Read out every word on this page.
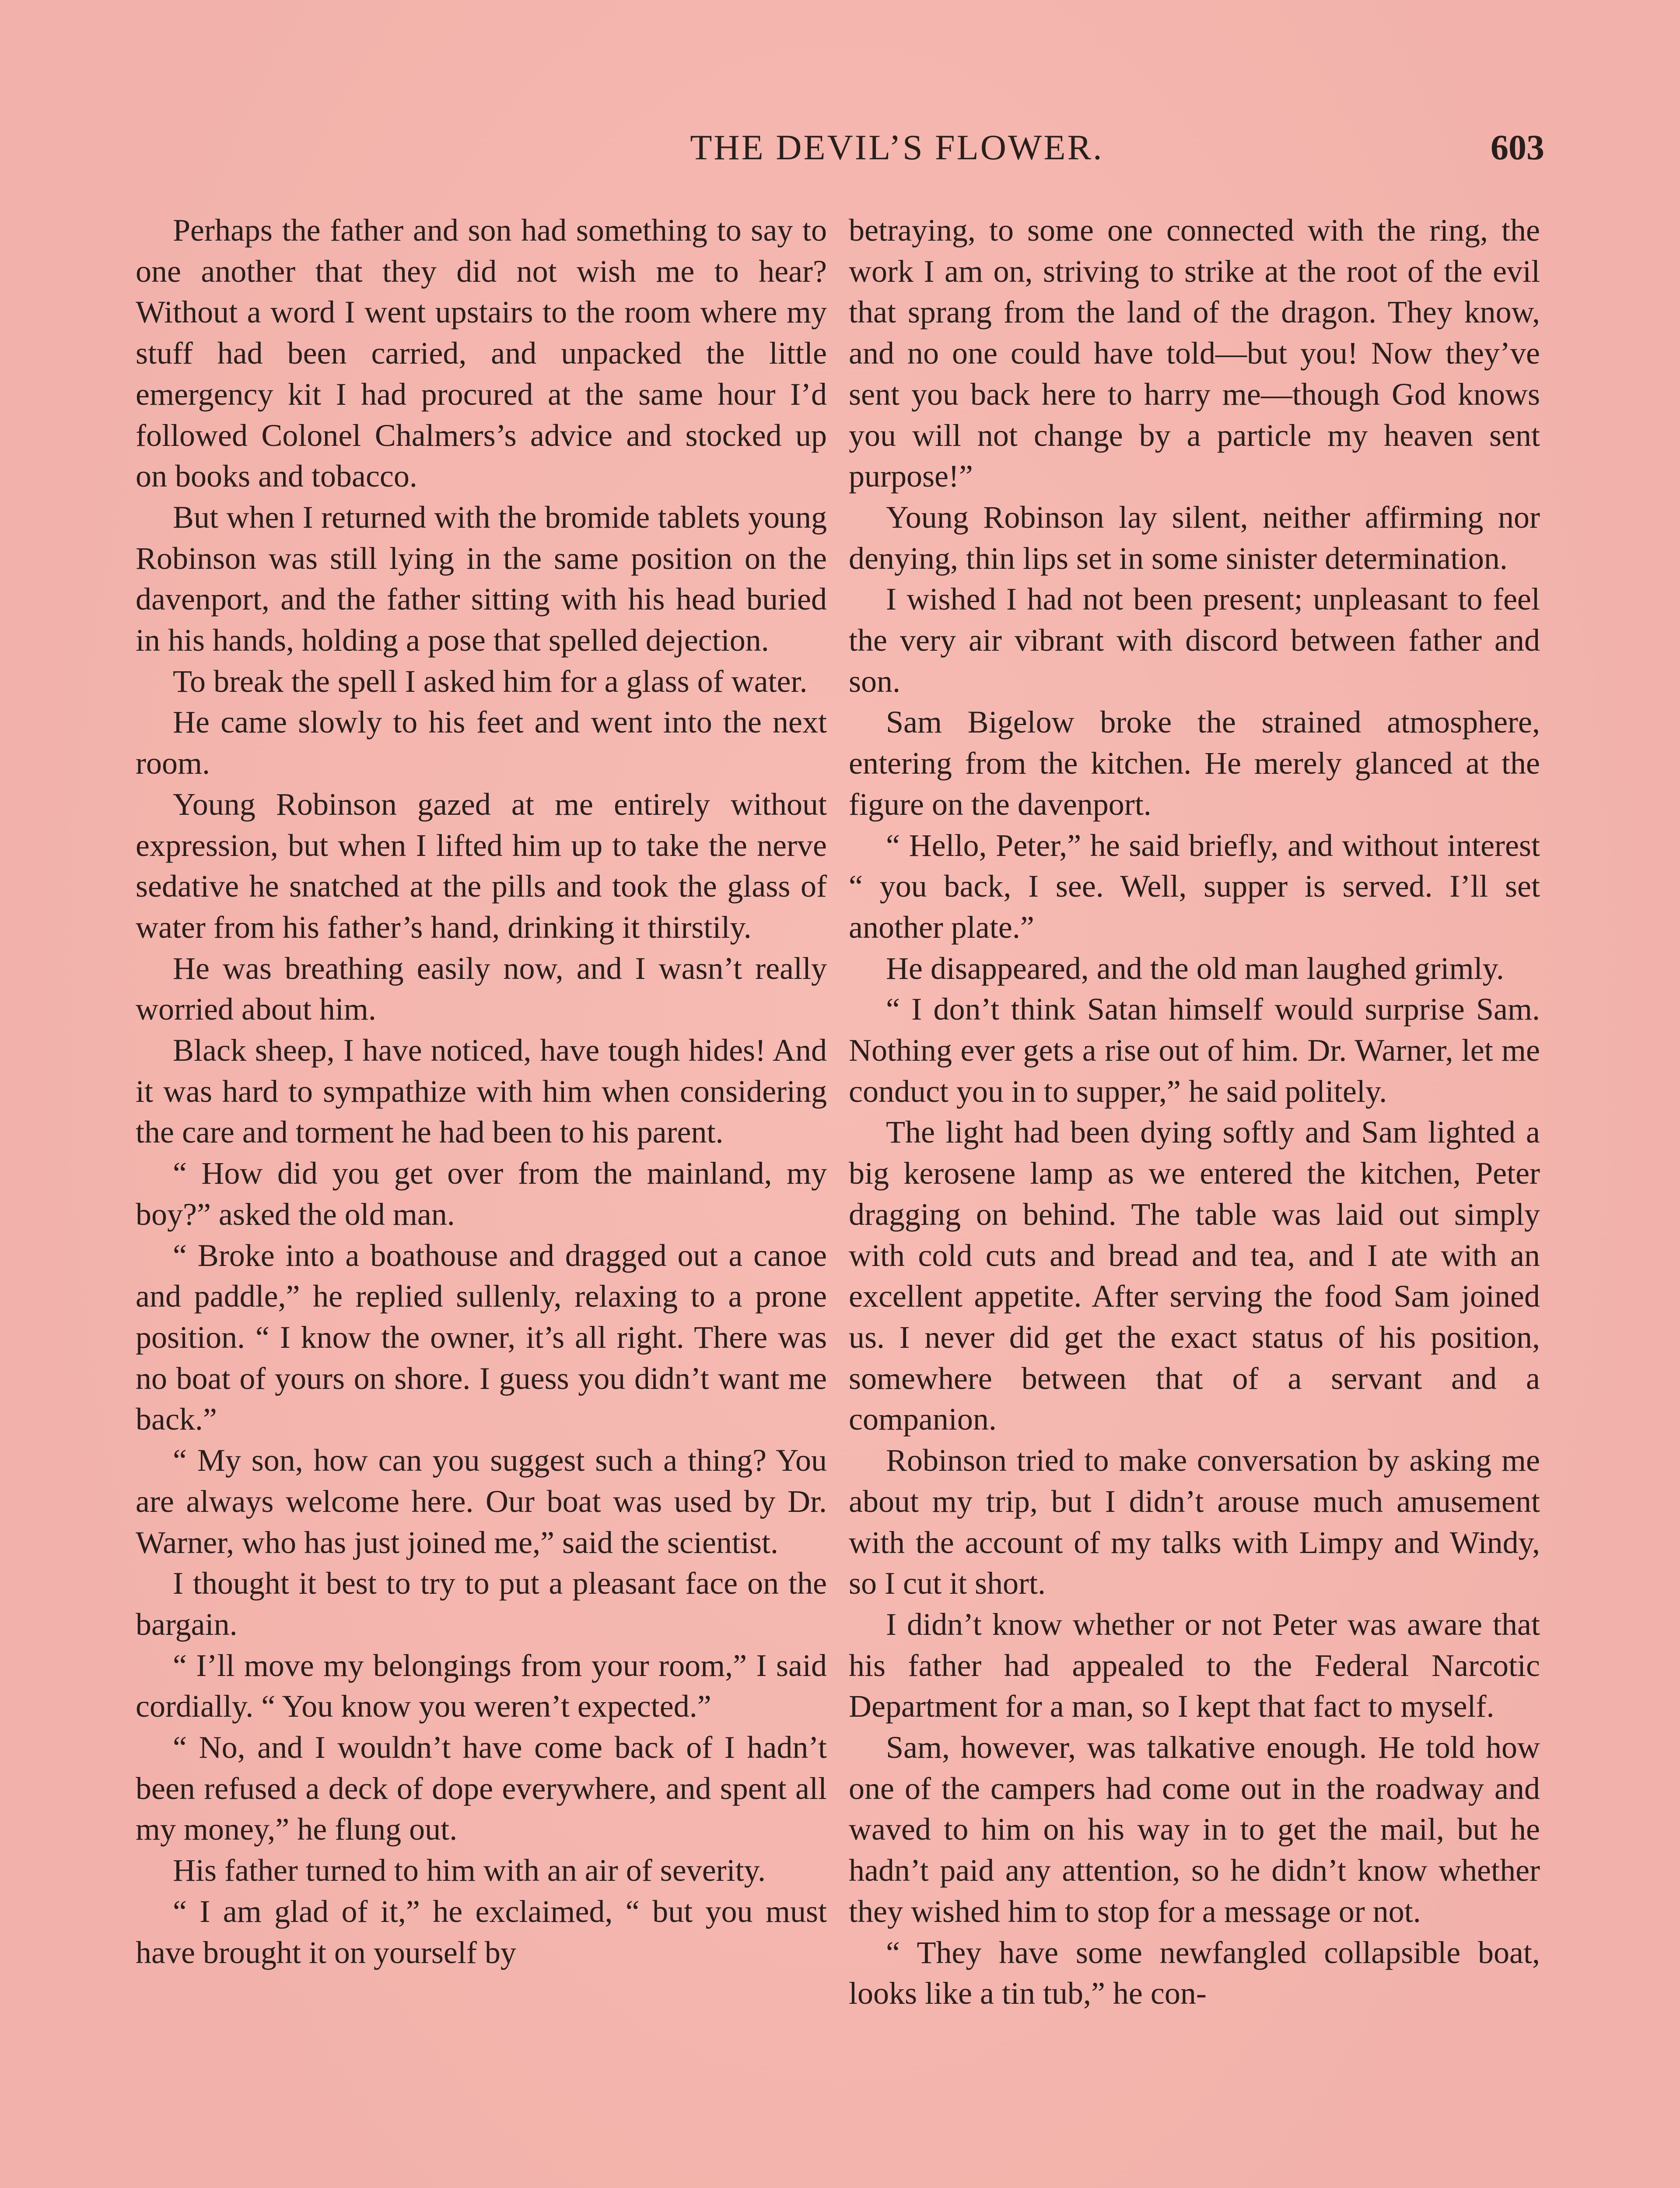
THE DEVIL’S FLOWER.	603

Perhaps the father and son had something to say to one another that they did not wish me to hear? Without a word I went upstairs to the room where my stuff had been carried, and unpacked the little emergency kit I had procured at the same hour I’d followed Colonel Chalmers’s advice and stocked up on books and tobacco.

But when I returned with the bromide tablets young Robinson was still lying in the same position on the davenport, and the father sitting with his head buried in his hands, holding a pose that spelled dejection.

To break the spell I asked him for a glass of water.

He came slowly to his feet and went into the next room.

Young Robinson gazed at me entirely without expression, but when I lifted him up to take the nerve sedative he snatched at the pills and took the glass of water from his father’s hand, drinking it thirstily.

He was breathing easily now, and I wasn’t really worried about him.

Black sheep, I have noticed, have tough hides! And it was hard to sympathize with him when considering the care and torment he had been to his parent.

“ How did you get over from the mainland, my boy?” asked the old man.

“ Broke into a boathouse and dragged out a canoe and paddle,” he replied sullenly, relaxing to a prone position. “ I know the owner, it’s all right. There was no boat of yours on shore. I guess you didn’t want me back.”

“ My son, how can you suggest such a thing? You are always welcome here. Our boat was used by Dr. Warner, who has just joined me,” said the scientist.

I thought it best to try to put a pleasant face on the bargain.

“ I’ll move my belongings from your room,” I said cordially. “ You know you weren’t expected.”

“ No, and I wouldn’t have come back of I hadn’t been refused a deck of dope everywhere, and spent all my money,” he flung out.

His father turned to him with an air of severity.

“ I am glad of it,” he exclaimed, “ but you must have brought it on yourself by

betraying, to some one connected with the ring, the work I am on, striving to strike at the root of the evil that sprang from the land of the dragon. They know, and no one could have told—but you! Now they’ve sent you back here to harry me—though God knows you will not change by a particle my heaven sent purpose!”

Young Robinson lay silent, neither affirming nor denying, thin lips set in some sinister determination.

I wished I had not been present; unpleasant to feel the very air vibrant with discord between father and son.

Sam Bigelow broke the strained atmosphere, entering from the kitchen. He merely glanced at the figure on the davenport.

“ Hello, Peter,” he said briefly, and without interest “ you back, I see. Well, supper is served. I’ll set another plate.”

He disappeared, and the old man laughed grimly.

“ I don’t think Satan himself would surprise Sam. Nothing ever gets a rise out of him. Dr. Warner, let me conduct you in to supper,” he said politely.

The light had been dying softly and Sam lighted a big kerosene lamp as we entered the kitchen, Peter dragging on behind. The table was laid out simply with cold cuts and bread and tea, and I ate with an excellent appetite. After serving the food Sam joined us. I never did get the exact status of his position, somewhere between that of a servant and a companion.

Robinson tried to make conversation by asking me about my trip, but I didn’t arouse much amusement with the account of my talks with Limpy and Windy, so I cut it short.

I didn’t know whether or not Peter was aware that his father had appealed to the Federal Narcotic Department for a man, so I kept that fact to myself.

Sam, however, was talkative enough. He told how one of the campers had come out in the roadway and waved to him on his way in to get the mail, but he hadn’t paid any attention, so he didn’t know whether they wished him to stop for a message or not.

“ They have some newfangled collapsible boat, looks like a tin tub,” he con-
